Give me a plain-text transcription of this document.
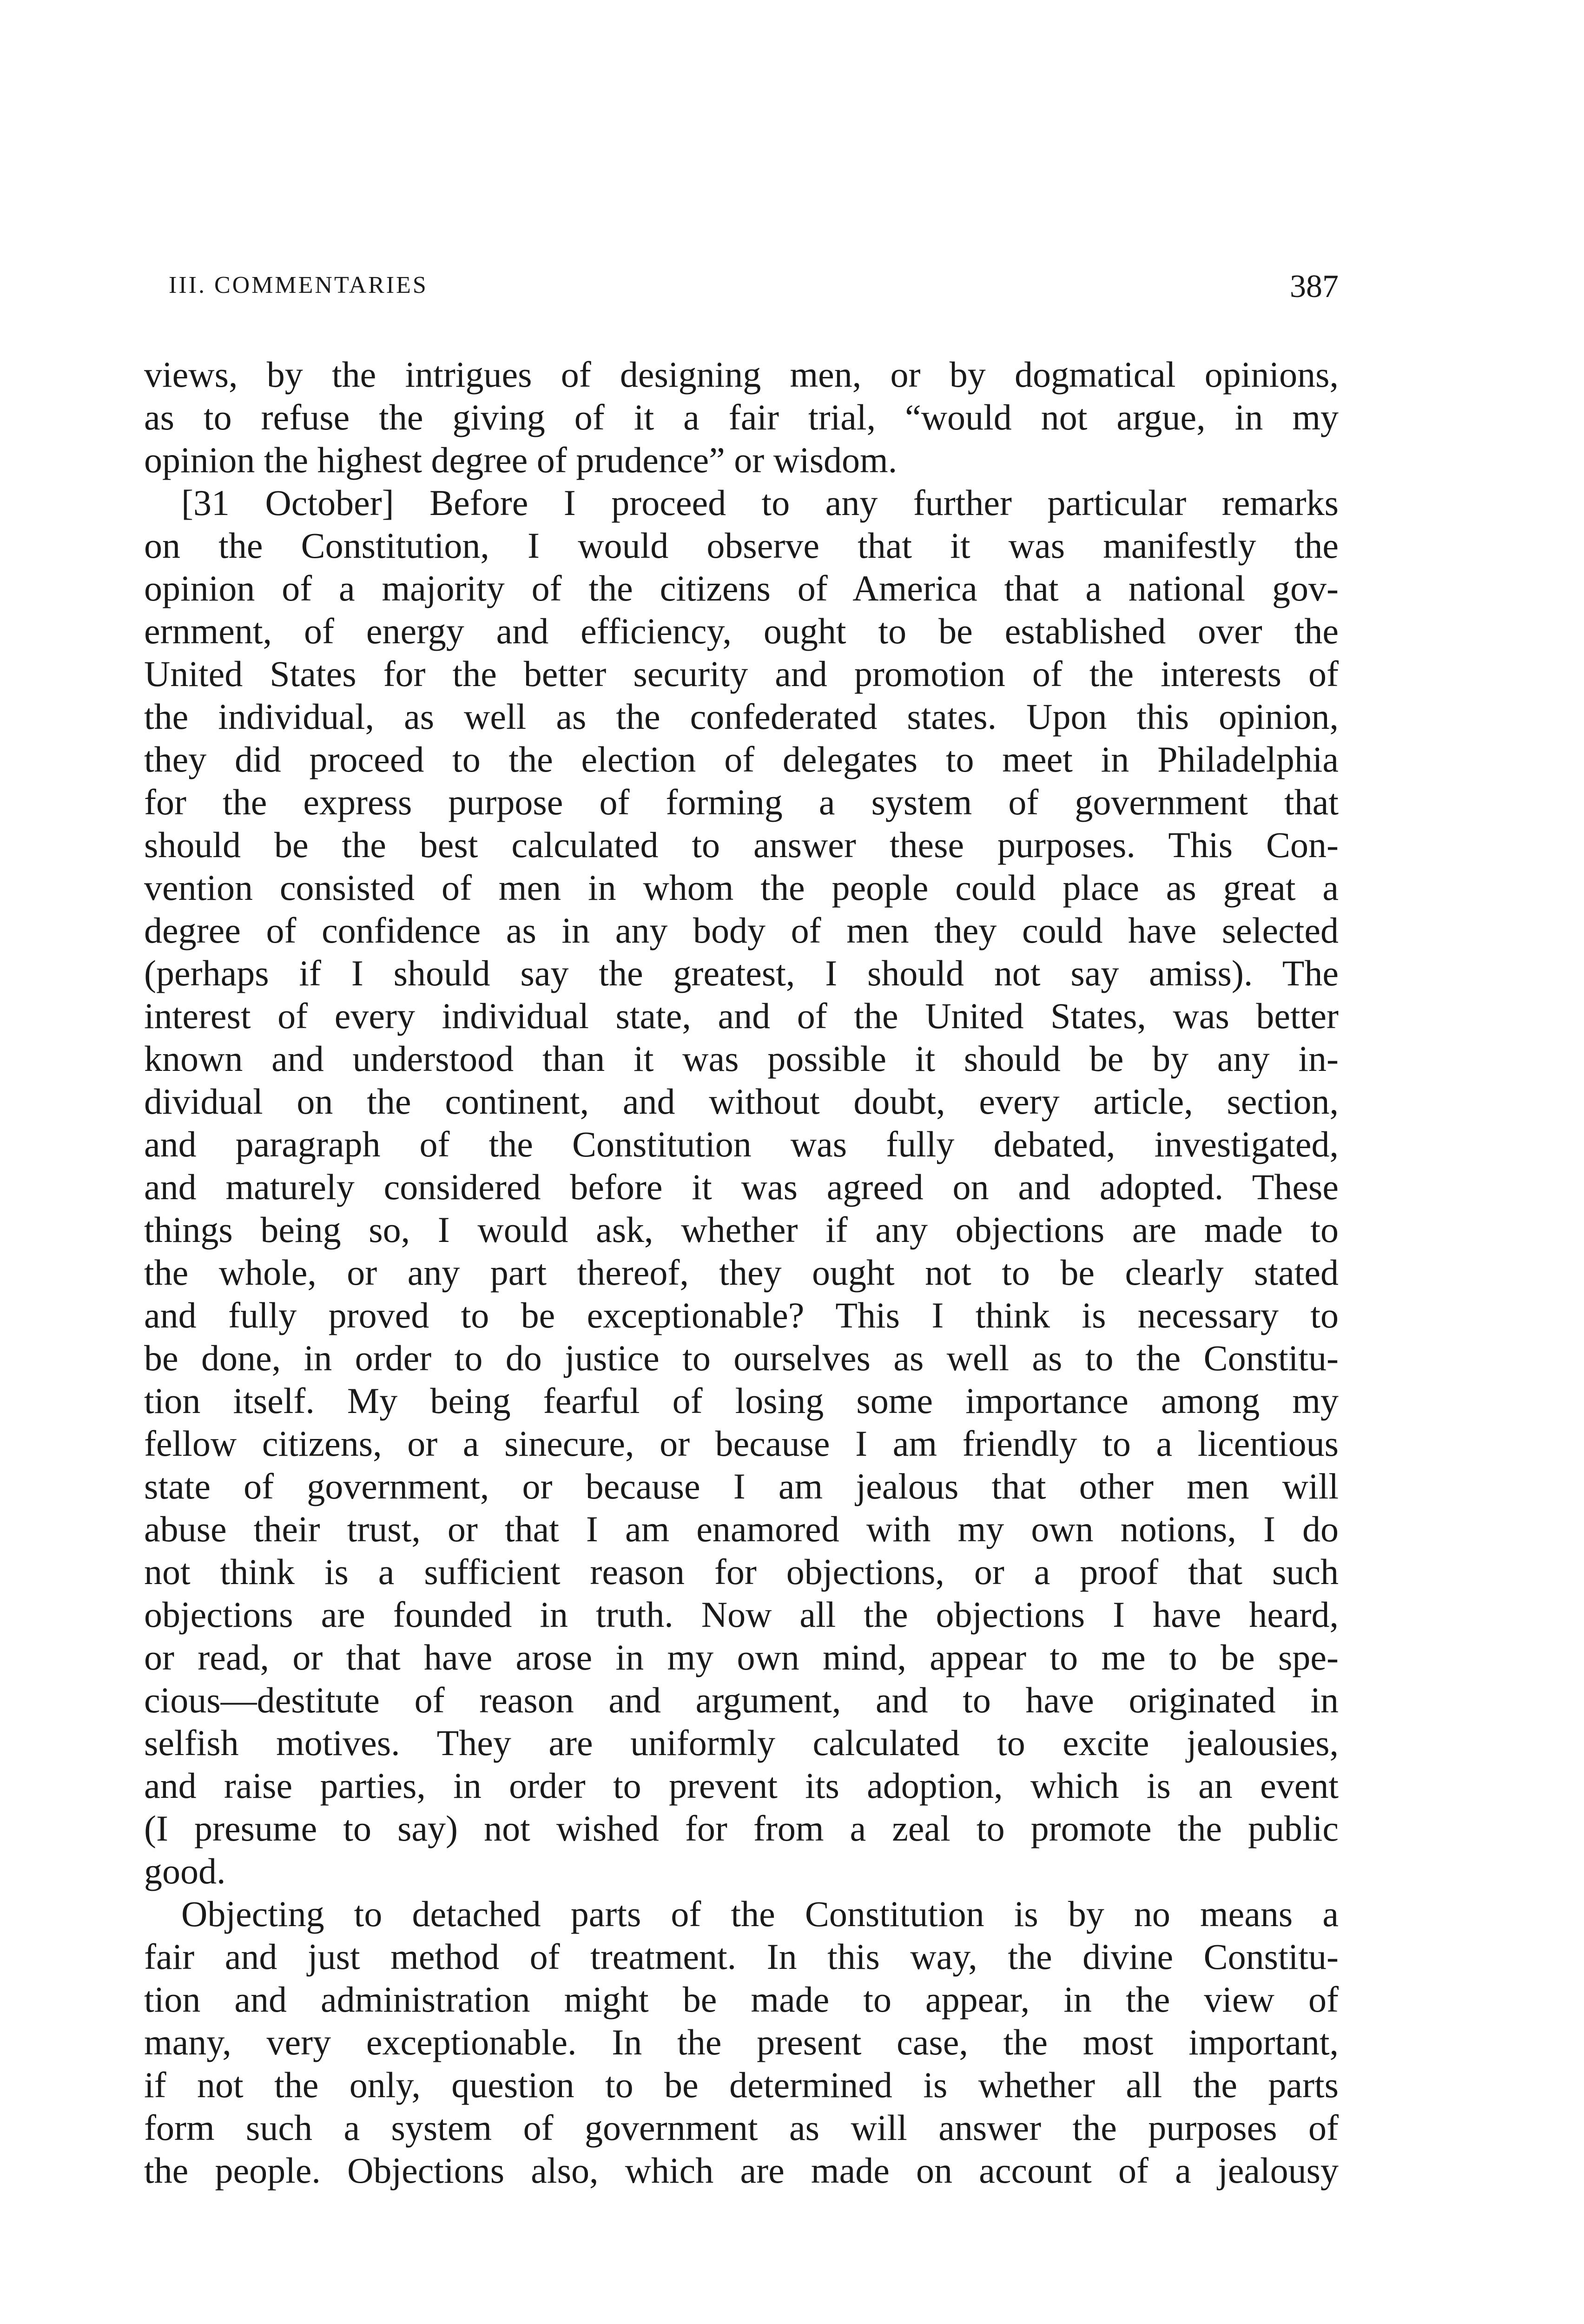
III. COMMENTARIES	387
views, by the intrigues of designing men, or by dogmatical opinions,
as to refuse the giving of it a fair trial, “would not argue, in my
opinion the highest degree of prudence” or wisdom.
[31 October] Before I proceed to any further particular remarks
on the Constitution, I would observe that it was manifestly the
opinion of a majority of the citizens of America that a national gov-
ernment, of energy and efficiency, ought to be established over the
United States for the better security and promotion of the interests of
the individual, as well as the confederated states. Upon this opinion,
they did proceed to the election of delegates to meet in Philadelphia
for the express purpose of forming a system of government that
should be the best calculated to answer these purposes. This Con-
vention consisted of men in whom the people could place as great a
degree of confidence as in any body of men they could have selected
(perhaps if I should say the greatest, I should not say amiss). The
interest of every individual state, and of the United States, was better
known and understood than it was possible it should be by any in-
dividual on the continent, and without doubt, every article, section,
and paragraph of the Constitution was fully debated, investigated,
and maturely considered before it was agreed on and adopted. These
things being so, I would ask, whether if any objections are made to
the whole, or any part thereof, they ought not to be clearly stated
and fully proved to be exceptionable? This I think is necessary to
be done, in order to do justice to ourselves as well as to the Constitu-
tion itself. My being fearful of losing some importance among my
fellow citizens, or a sinecure, or because I am friendly to a licentious
state of government, or because I am jealous that other men will
abuse their trust, or that I am enamored with my own notions, I do
not think is a sufficient reason for objections, or a proof that such
objections are founded in truth. Now all the objections I have heard,
or read, or that have arose in my own mind, appear to me to be spe-
cious—destitute of reason and argument, and to have originated in
selfish motives. They are uniformly calculated to excite jealousies,
and raise parties, in order to prevent its adoption, which is an event
(I presume to say) not wished for from a zeal to promote the public
good.
Objecting to detached parts of the Constitution is by no means a
fair and just method of treatment. In this way, the divine Constitu-
tion and administration might be made to appear, in the view of
many, very exceptionable. In the present case, the most important,
if not the only, question to be determined is whether all the parts
form such a system of government as will answer the purposes of
the people. Objections also, which are made on account of a jealousy
